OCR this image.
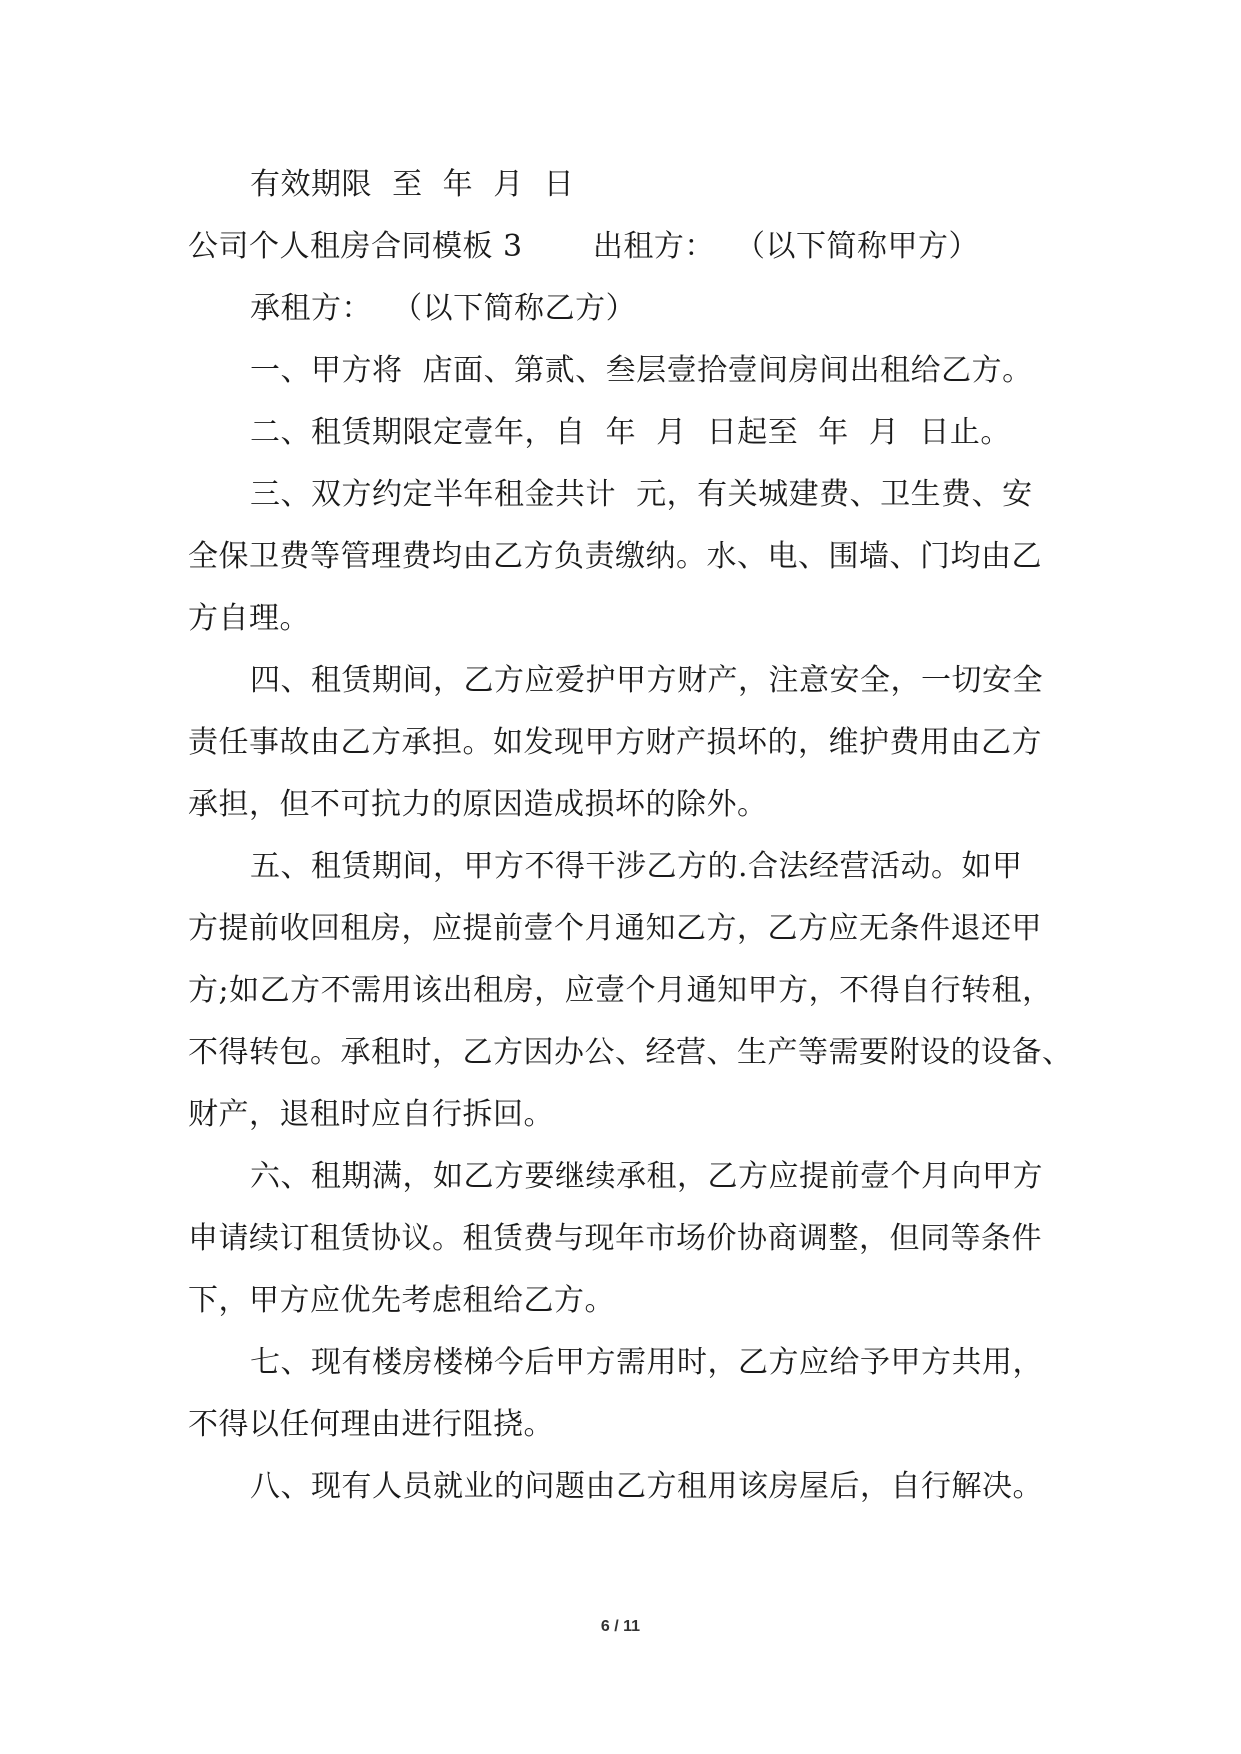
有效期限  至  年  月  日
公司个人租房合同模板 3       出租方：  （以下简称甲方）
承租方：  （以下简称乙方）
一、甲方将  店面、第贰、叁层壹拾壹间房间出租给乙方。
二、租赁期限定壹年，自  年  月  日起至  年  月  日止。
三、双方约定半年租金共计  元，有关城建费、卫生费、安
全保卫费等管理费均由乙方负责缴纳。水、电、围墙、门均由乙
方自理。
四、租赁期间，乙方应爱护甲方财产，注意安全，一切安全
责任事故由乙方承担。如发现甲方财产损坏的，维护费用由乙方
承担，但不可抗力的原因造成损坏的除外。
五、租赁期间，甲方不得干涉乙方的.合法经营活动。如甲
方提前收回租房，应提前壹个月通知乙方，乙方应无条件退还甲
方;如乙方不需用该出租房，应壹个月通知甲方，不得自行转租，
不得转包。承租时，乙方因办公、经营、生产等需要附设的设备、
财产，退租时应自行拆回。
六、租期满，如乙方要继续承租，乙方应提前壹个月向甲方
申请续订租赁协议。租赁费与现年市场价协商调整，但同等条件
下，甲方应优先考虑租给乙方。
七、现有楼房楼梯今后甲方需用时，乙方应给予甲方共用，
不得以任何理由进行阻挠。
八、现有人员就业的问题由乙方租用该房屋后，自行解决。
6 / 11
